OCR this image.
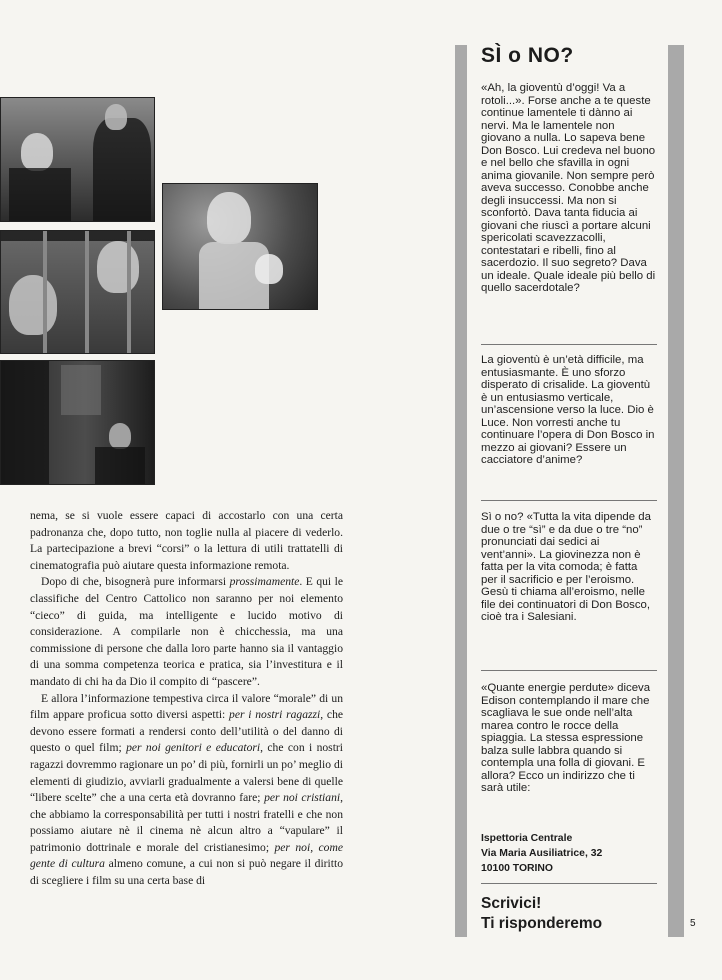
nema, se si vuole essere capaci di accostarlo con una certa padronanza che, dopo tutto, non toglie nulla al piacere di vederlo. La partecipazione a brevi “corsi” o la lettura di utili trattatelli di cinematografia può aiutare questa informazione remota.

Dopo di che, bisognerà pure informarsi prossimamente. E qui le classifiche del Centro Cattolico non saranno per noi elemento “cieco” di guida, ma intelligente e lucido motivo di considerazione. A compilarle non è chicchessia, ma una commissione di persone che dalla loro parte hanno sia il vantaggio di una somma competenza teorica e pratica, sia l’investitura e il mandato di chi ha da Dio il compito di “pascere”.

E allora l’informazione tempestiva circa il valore “morale” di un film appare proficua sotto diversi aspetti: per i nostri ragazzi, che devono essere formati a rendersi conto dell’utilità o del danno di questo o quel film; per noi genitori e educatori, che con i nostri ragazzi dovremmo ragionare un po’ di più, fornirli un po’ meglio di elementi di giudizio, avviarli gradualmente a valersi bene di quelle “libere scelte” che a una certa età dovranno fare; per noi cristiani, che abbiamo la corresponsabilità per tutti i nostri fratelli e che non possiamo aiutare nè il cinema nè alcun altro a “vapulare” il patrimonio dottrinale e morale del cristianesimo; per noi, come gente di cultura almeno comune, a cui non si può negare il diritto di scegliere i film su una certa base di

SÌ o NO?

«Ah, la gioventù d’oggi! Va a rotoli...». Forse anche a te queste continue lamentele ti dànno ai nervi. Ma le lamentele non giovano a nulla. Lo sapeva bene Don Bosco. Lui credeva nel buono e nel bello che sfavilla in ogni anima giovanile. Non sempre però aveva successo. Conobbe anche degli insuccessi. Ma non si sconfortò. Dava tanta fiducia ai giovani che riuscì a portare alcuni spericolati scavezzacolli, contestatari e ribelli, fino al sacerdozio. Il suo segreto? Dava un ideale. Quale ideale più bello di quello sacerdotale?

La gioventù è un’età difficile, ma entusiasmante. È uno sforzo disperato di crisalide. La gioventù è un entusiasmo verticale, un’ascensione verso la luce. Dio è Luce. Non vorresti anche tu continuare l’opera di Don Bosco in mezzo ai giovani? Essere un cacciatore d’anime?

Sì o no? «Tutta la vita dipende da due o tre “sì” e da due o tre “no” pronunciati dai sedici ai vent’anni». La giovinezza non è fatta per la vita comoda; è fatta per il sacrificio e per l’eroismo. Gesù ti chiama all’eroismo, nelle file dei continuatori di Don Bosco, cioè tra i Salesiani.

«Quante energie perdute» diceva Edison contemplando il mare che scagliava le sue onde nell’alta marea contro le rocce della spiaggia. La stessa espressione balza sulle labbra quando si contempla una folla di giovani. E allora? Ecco un indirizzo che ti sarà utile:

Ispettoria Centrale
Via Maria Ausiliatrice, 32
10100 TORINO
Scrivici!
Ti risponderemo	5
